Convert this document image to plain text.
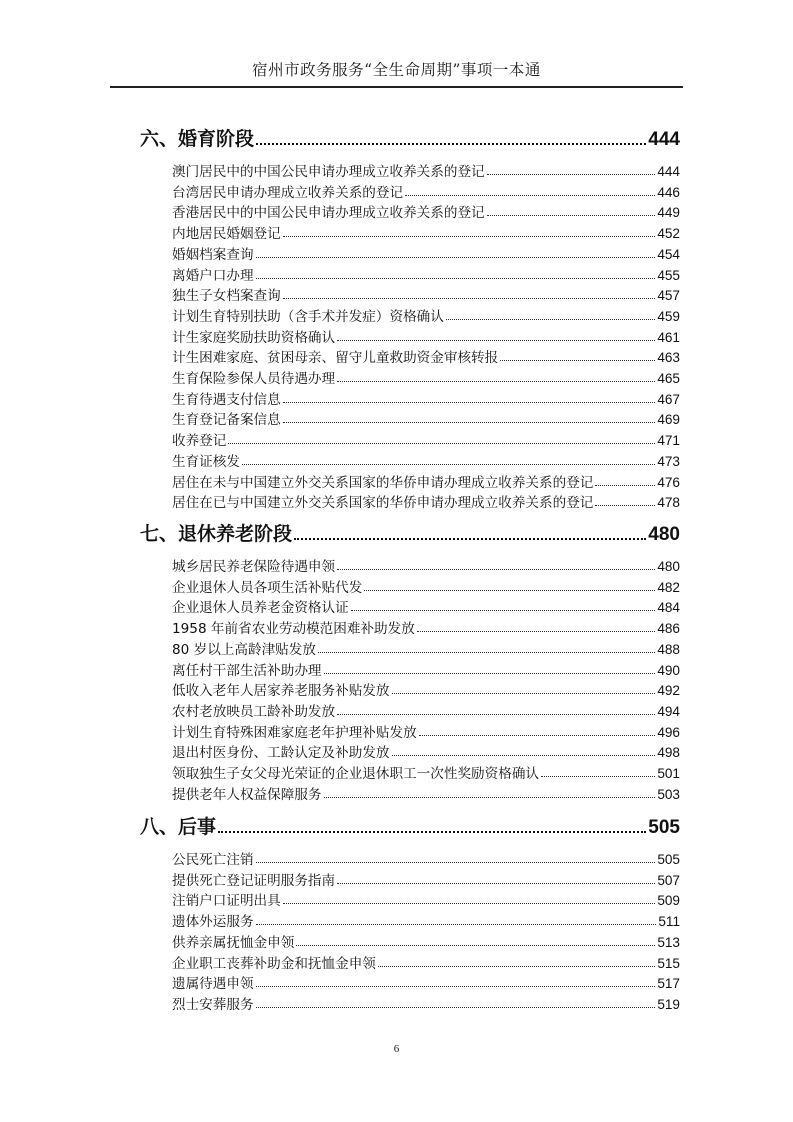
宿州市政务服务“全生命周期”事项一本通
六、婚育阶段	444
澳门居民中的中国公民申请办理成立收养关系的登记	444
台湾居民申请办理成立收养关系的登记	446
香港居民中的中国公民申请办理成立收养关系的登记	449
内地居民婚姻登记	452
婚姻档案查询	454
离婚户口办理	455
独生子女档案查询	457
计划生育特别扶助（含手术并发症）资格确认	459
计生家庭奖励扶助资格确认	461
计生困难家庭、贫困母亲、留守儿童救助资金审核转报	463
生育保险参保人员待遇办理	465
生育待遇支付信息	467
生育登记备案信息	469
收养登记	471
生育证核发	473
居住在未与中国建立外交关系国家的华侨申请办理成立收养关系的登记	476
居住在已与中国建立外交关系国家的华侨申请办理成立收养关系的登记	478
七、退休养老阶段	480
城乡居民养老保险待遇申领	480
企业退休人员各项生活补贴代发	482
企业退休人员养老金资格认证	484
1958 年前省农业劳动模范困难补助发放	486
80 岁以上高龄津贴发放	488
离任村干部生活补助办理	490
低收入老年人居家养老服务补贴发放	492
农村老放映员工龄补助发放	494
计划生育特殊困难家庭老年护理补贴发放	496
退出村医身份、工龄认定及补助发放	498
领取独生子女父母光荣证的企业退休职工一次性奖励资格确认	501
提供老年人权益保障服务	503
八、后事	505
公民死亡注销	505
提供死亡登记证明服务指南	507
注销户口证明出具	509
遗体外运服务	511
供养亲属抚恤金申领	513
企业职工丧葬补助金和抚恤金申领	515
遗属待遇申领	517
烈士安葬服务	519
6
